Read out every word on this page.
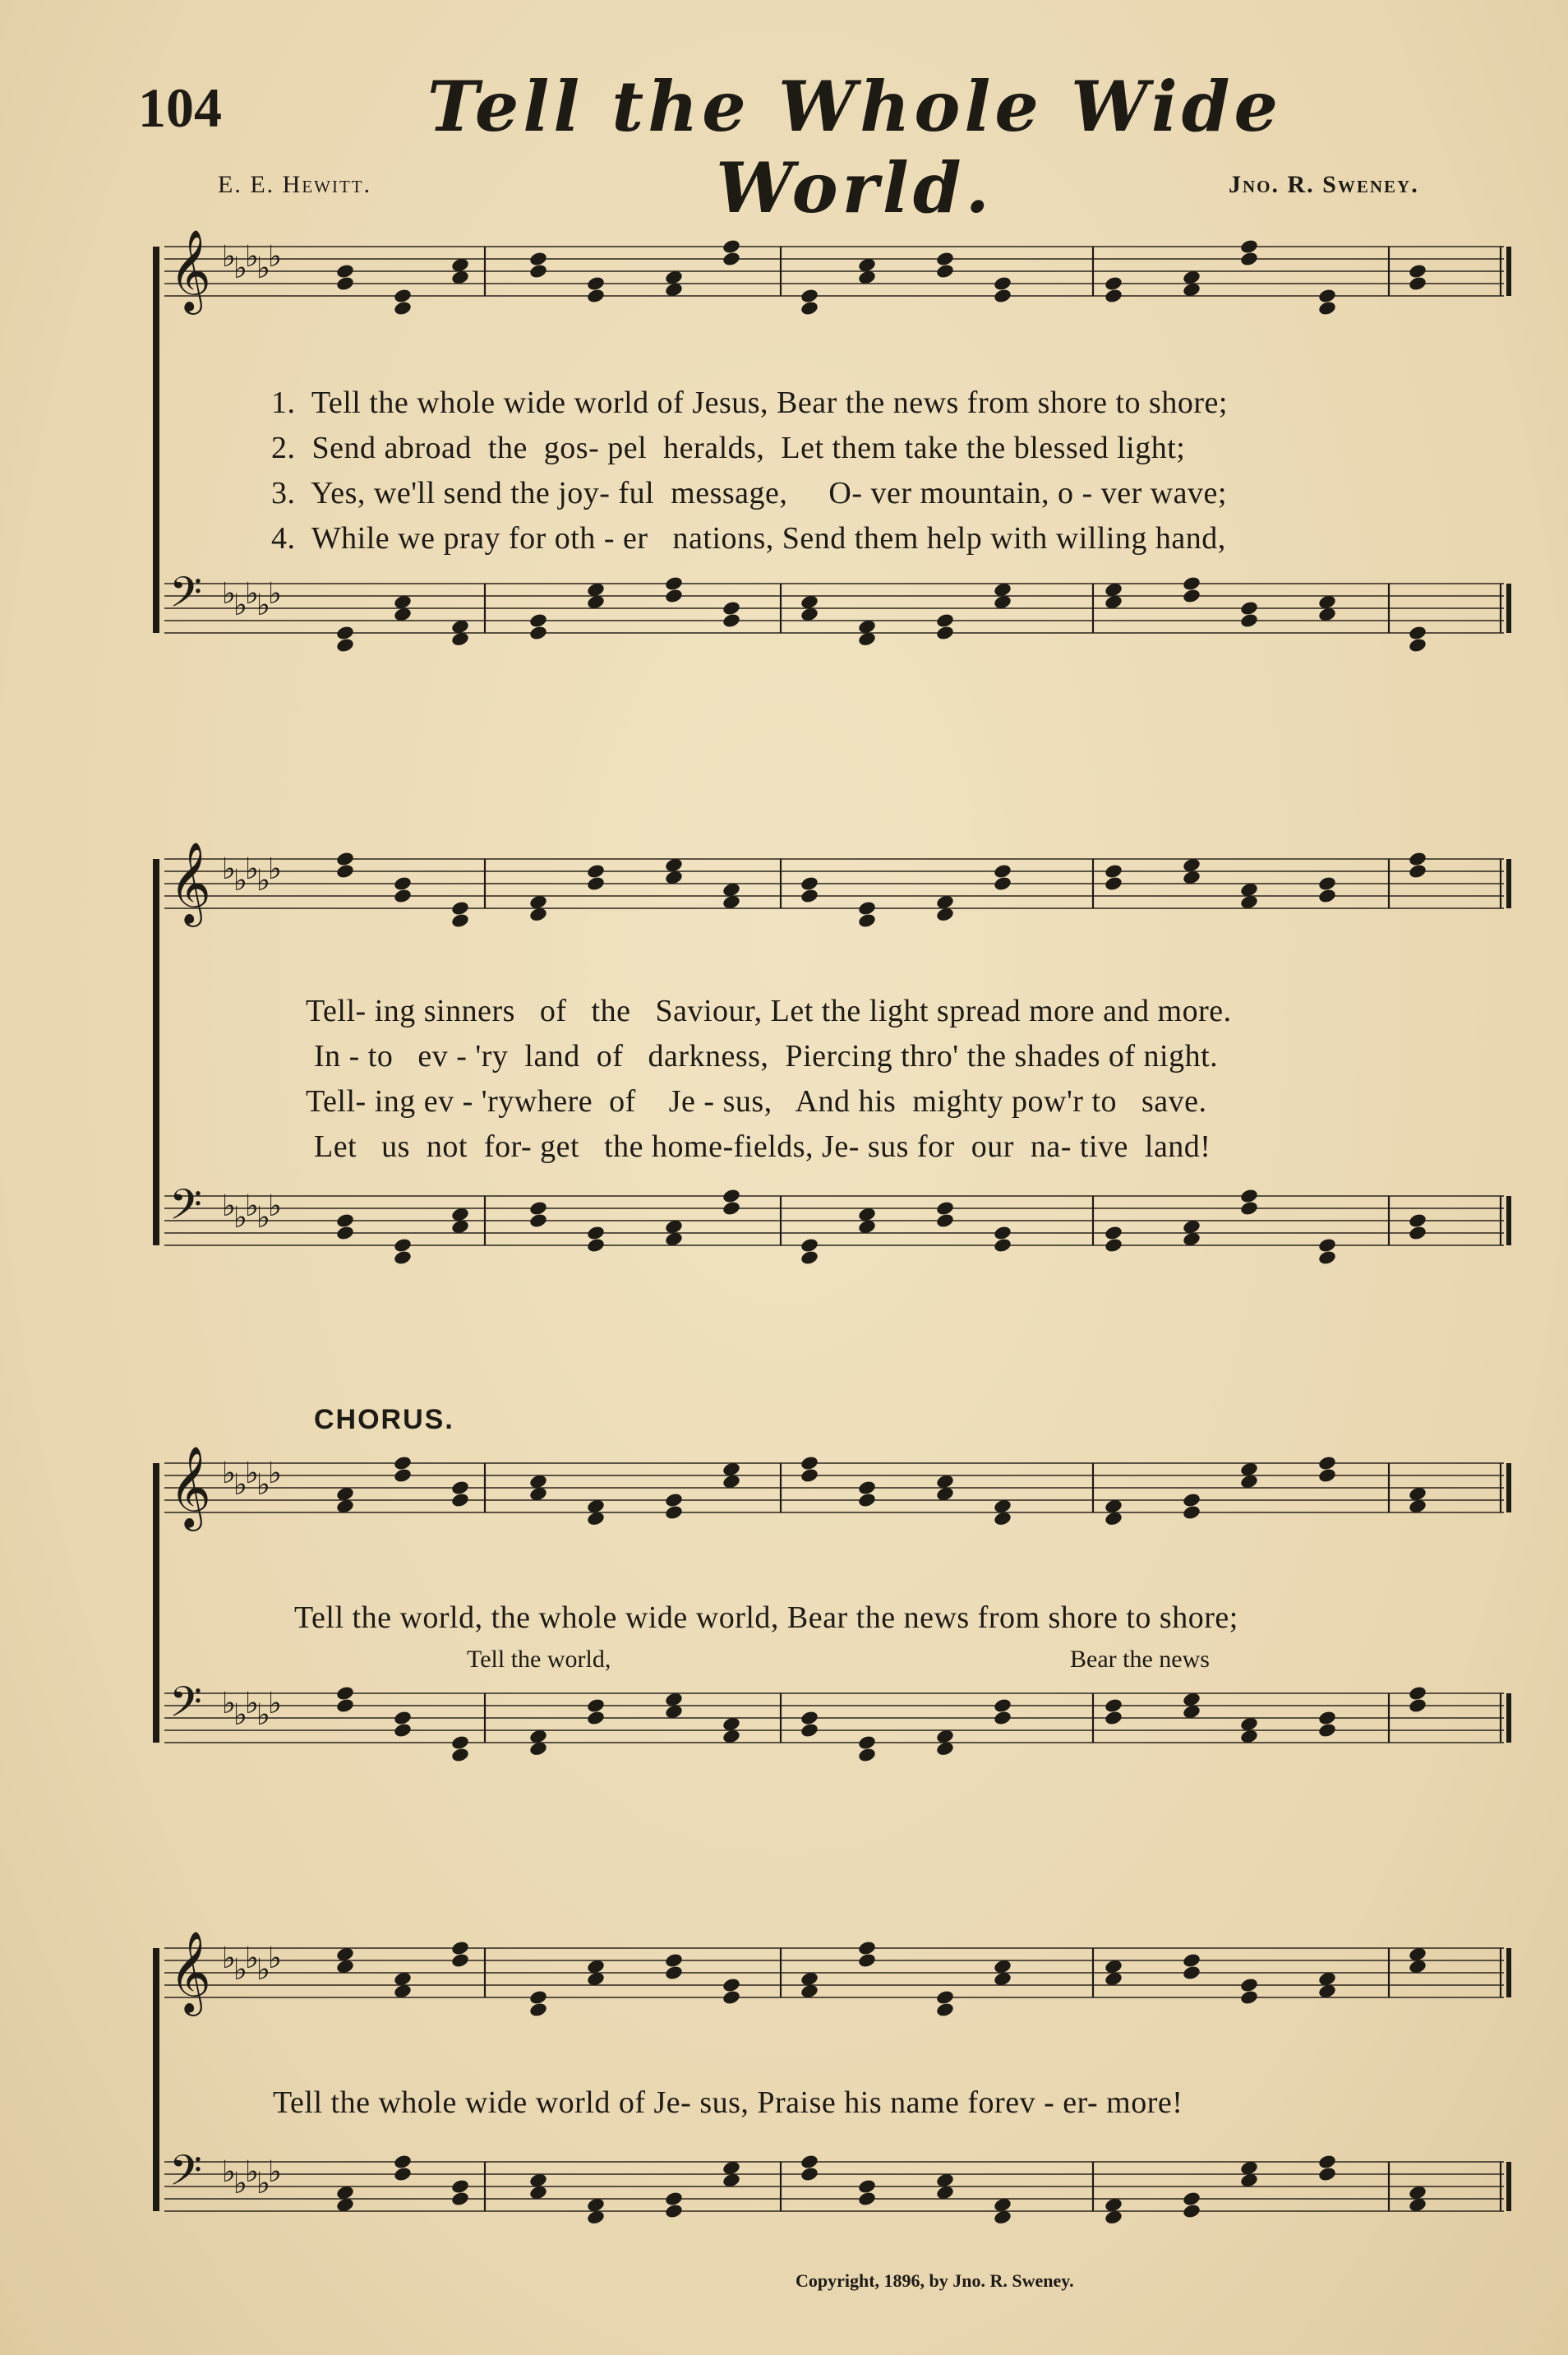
104	Tell the Whole Wide World.
E. E. Hewitt.	Jno. R. Sweney.
𝄞 ♭
♭
♭
♭
♭
𝄢 ♭
♭
♭
♭
♭
1.  Tell the whole wide world of Jesus, Bear the news from shore to shore;
2.  Send abroad  the  gos- pel  heralds,  Let them take the blessed light;
3.  Yes, we'll send the joy- ful  message,     O- ver mountain, o - ver wave;
4.  While we pray for oth - er   nations, Send them help with willing hand,
𝄞 ♭
♭
♭
♭
♭
𝄢 ♭
♭
♭
♭
♭
Tell- ing sinners   of   the   Saviour, Let the light spread more and more.
In - to   ev - 'ry  land  of   darkness,  Piercing thro' the shades of night.
Tell- ing ev - 'rywhere  of    Je - sus,   And his  mighty pow'r to   save.
Let   us  not  for- get   the home-fields, Je- sus for  our  na- tive  land!
CHORUS.
𝄞 ♭
♭
♭
♭
♭
𝄢 ♭
♭
♭
♭
♭
Tell the world, the whole wide world, Bear the news from shore to shore;
Tell the world,	Bear the news
𝄞 ♭
♭
♭
♭
♭
𝄢 ♭
♭
♭
♭
♭
Tell the whole wide world of Je- sus, Praise his name forev - er- more!
Copyright, 1896, by Jno. R. Sweney.
